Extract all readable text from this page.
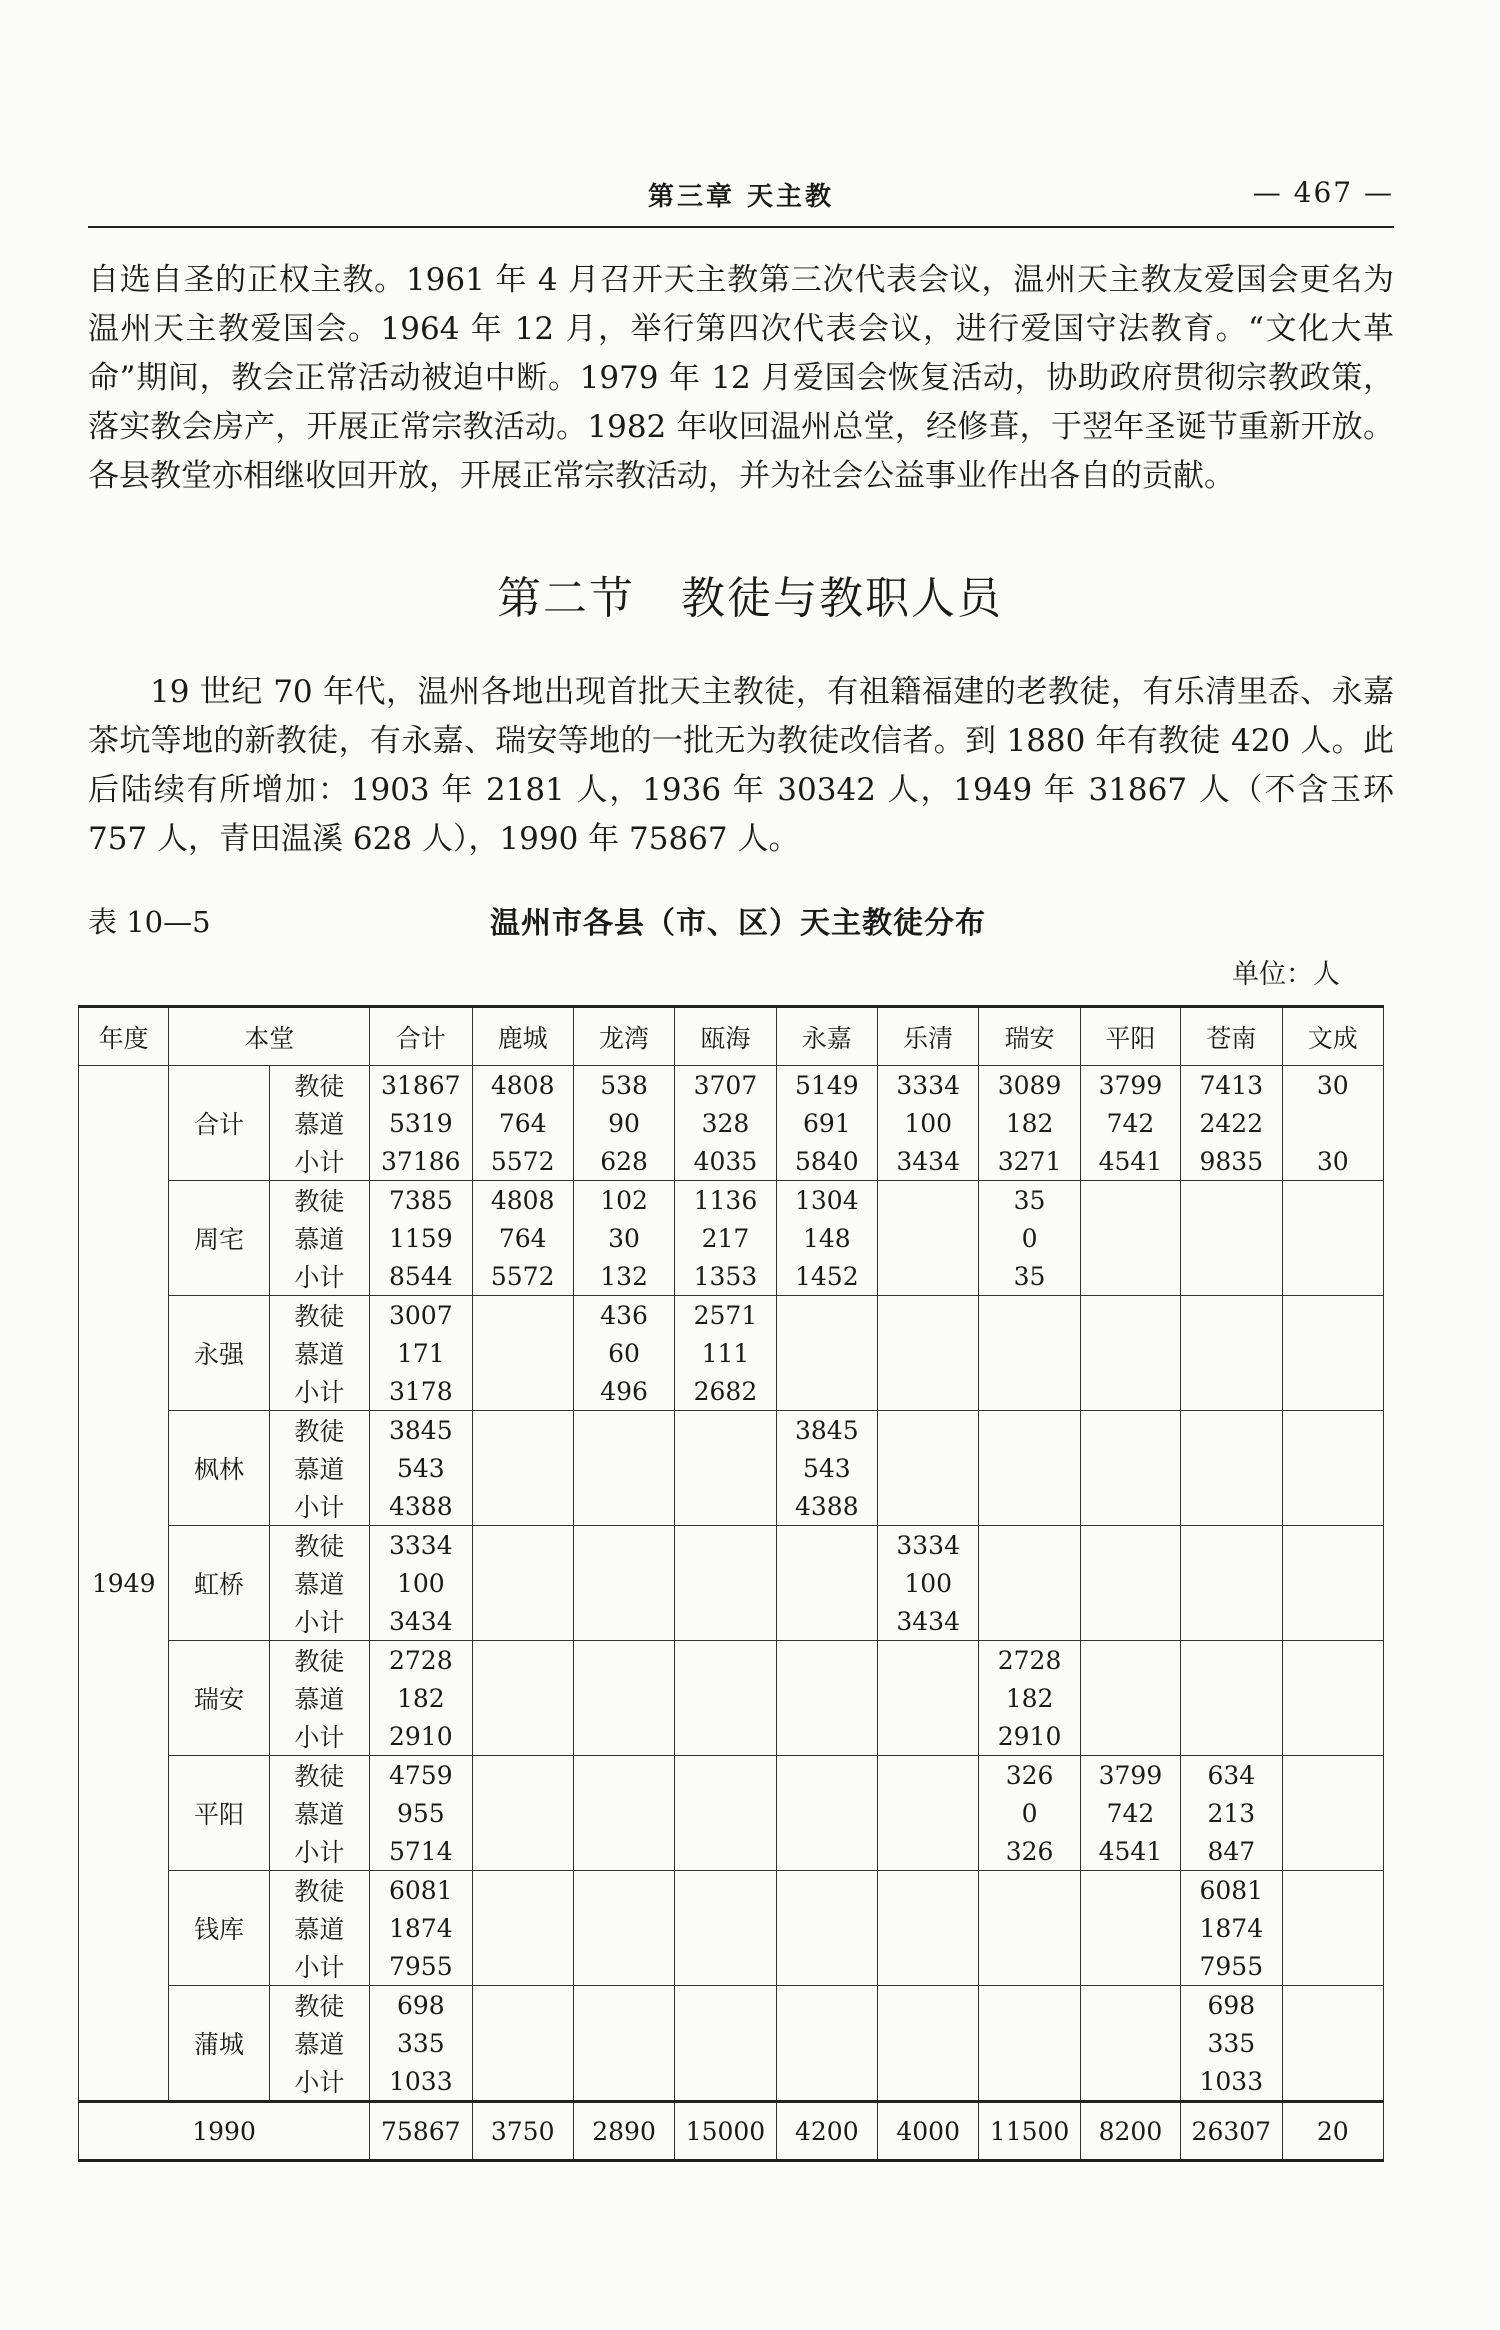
第三章 天主教	— 467 —

自选自圣的正权主教。1961 年 4 月召开天主教第三次代表会议，温州天主教友爱国会更名为温州天主教爱国会。1964 年 12 月，举行第四次代表会议，进行爱国守法教育。“文化大革命”期间，教会正常活动被迫中断。1979 年 12 月爱国会恢复活动，协助政府贯彻宗教政策，落实教会房产，开展正常宗教活动。1982 年收回温州总堂，经修葺，于翌年圣诞节重新开放。各县教堂亦相继收回开放，开展正常宗教活动，并为社会公益事业作出各自的贡献。

第二节　教徒与教职人员

19 世纪 70 年代，温州各地出现首批天主教徒，有祖籍福建的老教徒，有乐清里岙、永嘉茶坑等地的新教徒，有永嘉、瑞安等地的一批无为教徒改信者。到 1880 年有教徒 420 人。此后陆续有所增加：1903 年 2181 人，1936 年 30342 人，1949 年 31867 人（不含玉环 757 人，青田温溪 628 人），1990 年 75867 人。

表 10—5	温州市各县（市、区）天主教徒分布
单位：人
年度	本堂		合计	鹿城	龙湾	瓯海	永嘉	乐清	瑞安	平阳	苍南	文成
1949	合计	教徒	31867	4808	538	3707	5149	3334	3089	3799	7413	30
		慕道	5319	764	90	328	691	100	182	742	2422	
		小计	37186	5572	628	4035	5840	3434	3271	4541	9835	30
	周宅	教徒	7385	4808	102	1136	1304		35			
		慕道	1159	764	30	217	148		0			
		小计	8544	5572	132	1353	1452		35			
	永强	教徒	3007		436	2571						
		慕道	171		60	111						
		小计	3178		496	2682						
	枫林	教徒	3845				3845					
		慕道	543				543					
		小计	4388				4388					
	虹桥	教徒	3334					3334				
		慕道	100					100				
		小计	3434					3434				
	瑞安	教徒	2728						2728			
		慕道	182						182			
		小计	2910						2910			
	平阳	教徒	4759						326	3799	634	
		慕道	955						0	742	213	
		小计	5714						326	4541	847	
	钱库	教徒	6081								6081	
		慕道	1874								1874	
		小计	7955								7955	
	蒲城	教徒	698								698	
		慕道	335								335	
		小计	1033								1033	
1990			75867	3750	2890	15000	4200	4000	11500	8200	26307	20
